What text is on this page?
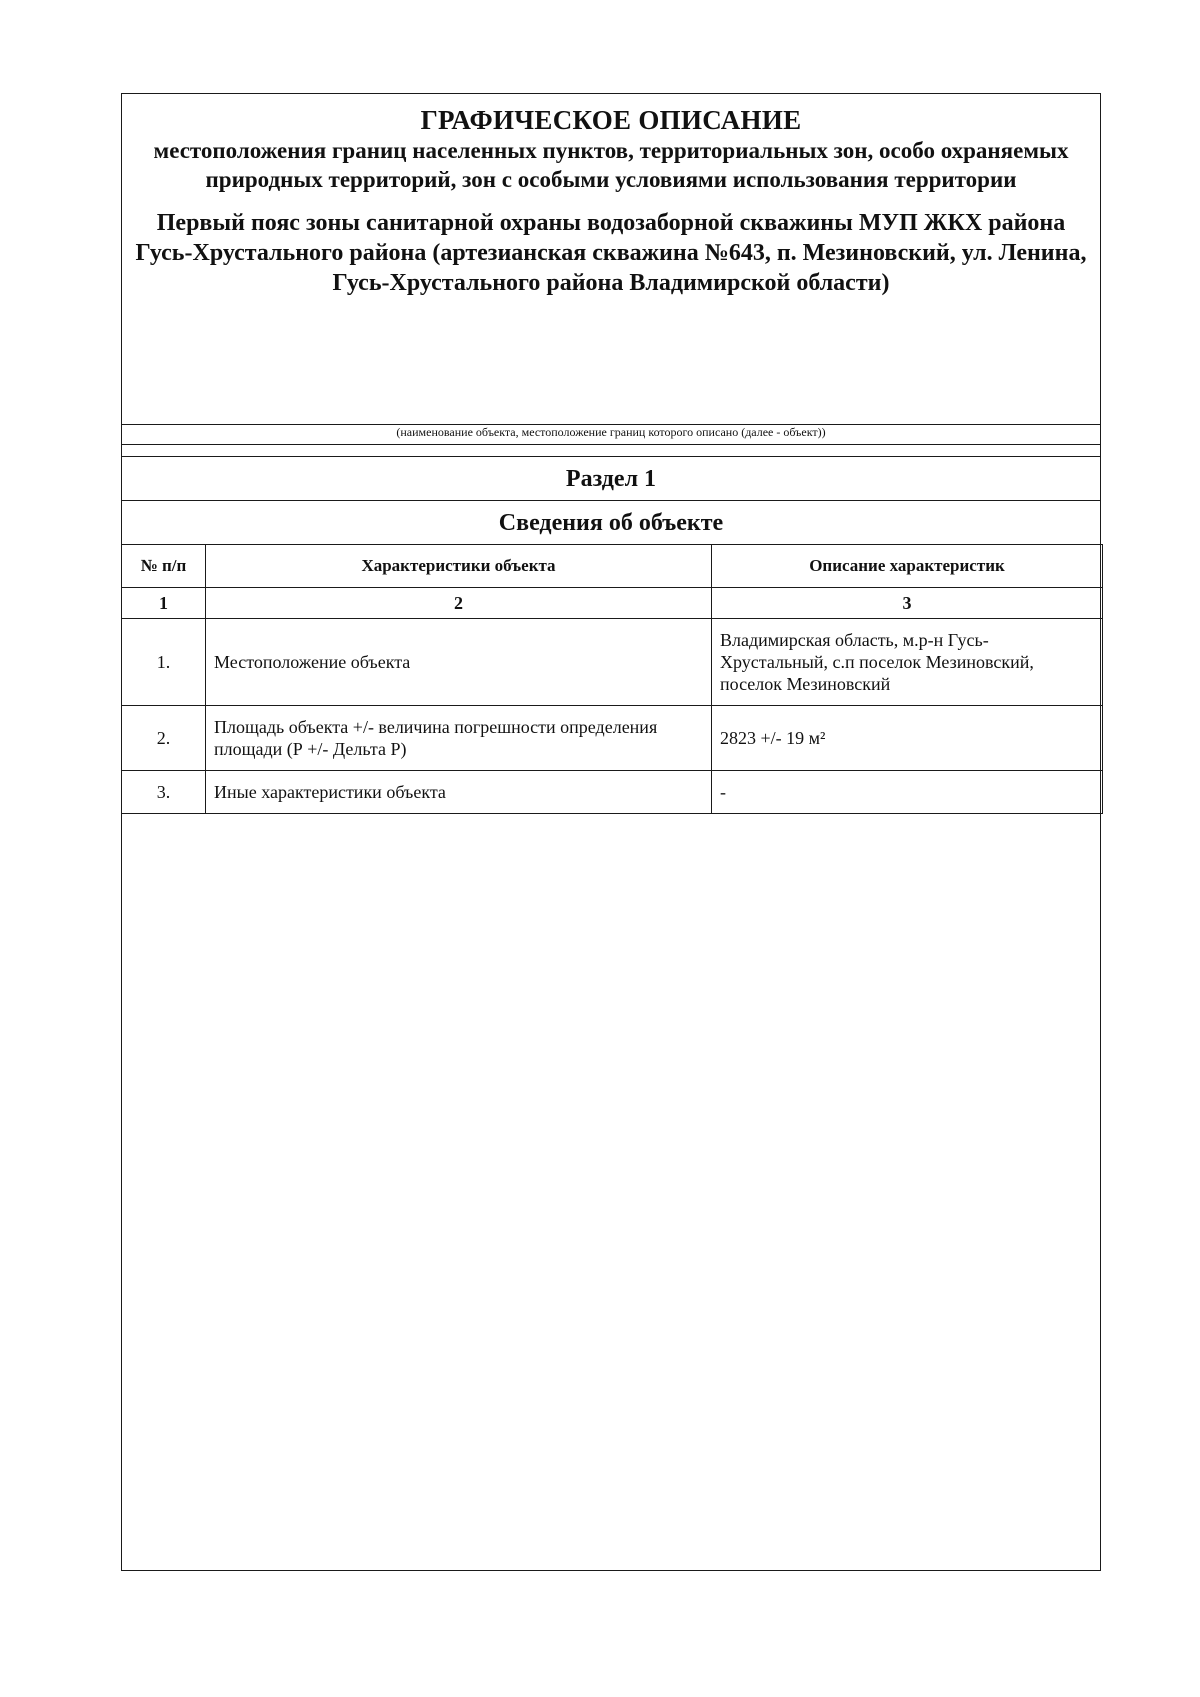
ГРАФИЧЕСКОЕ ОПИСАНИЕ
местоположения границ населенных пунктов, территориальных зон, особо охраняемых природных территорий, зон с особыми условиями использования территории
Первый пояс зоны санитарной охраны водозаборной скважины МУП ЖКХ района Гусь-Хрустального района (артезианская скважина №643, п. Мезиновский, ул. Ленина, Гусь-Хрустального района Владимирской области)
(наименование объекта, местоположение границ которого описано (далее - объект))
Раздел 1
Сведения об объекте
№ п/п	Характеристики объекта	Описание характеристик
1	2	3
1.	Местоположение объекта	Владимирская область, м.р-н Гусь-Хрустальный, с.п поселок Мезиновский, поселок Мезиновский
2.	Площадь объекта +/- величина погрешности определения площади (Р +/- Дельта Р)	2823 +/- 19 м²
3.	Иные характеристики объекта	-
